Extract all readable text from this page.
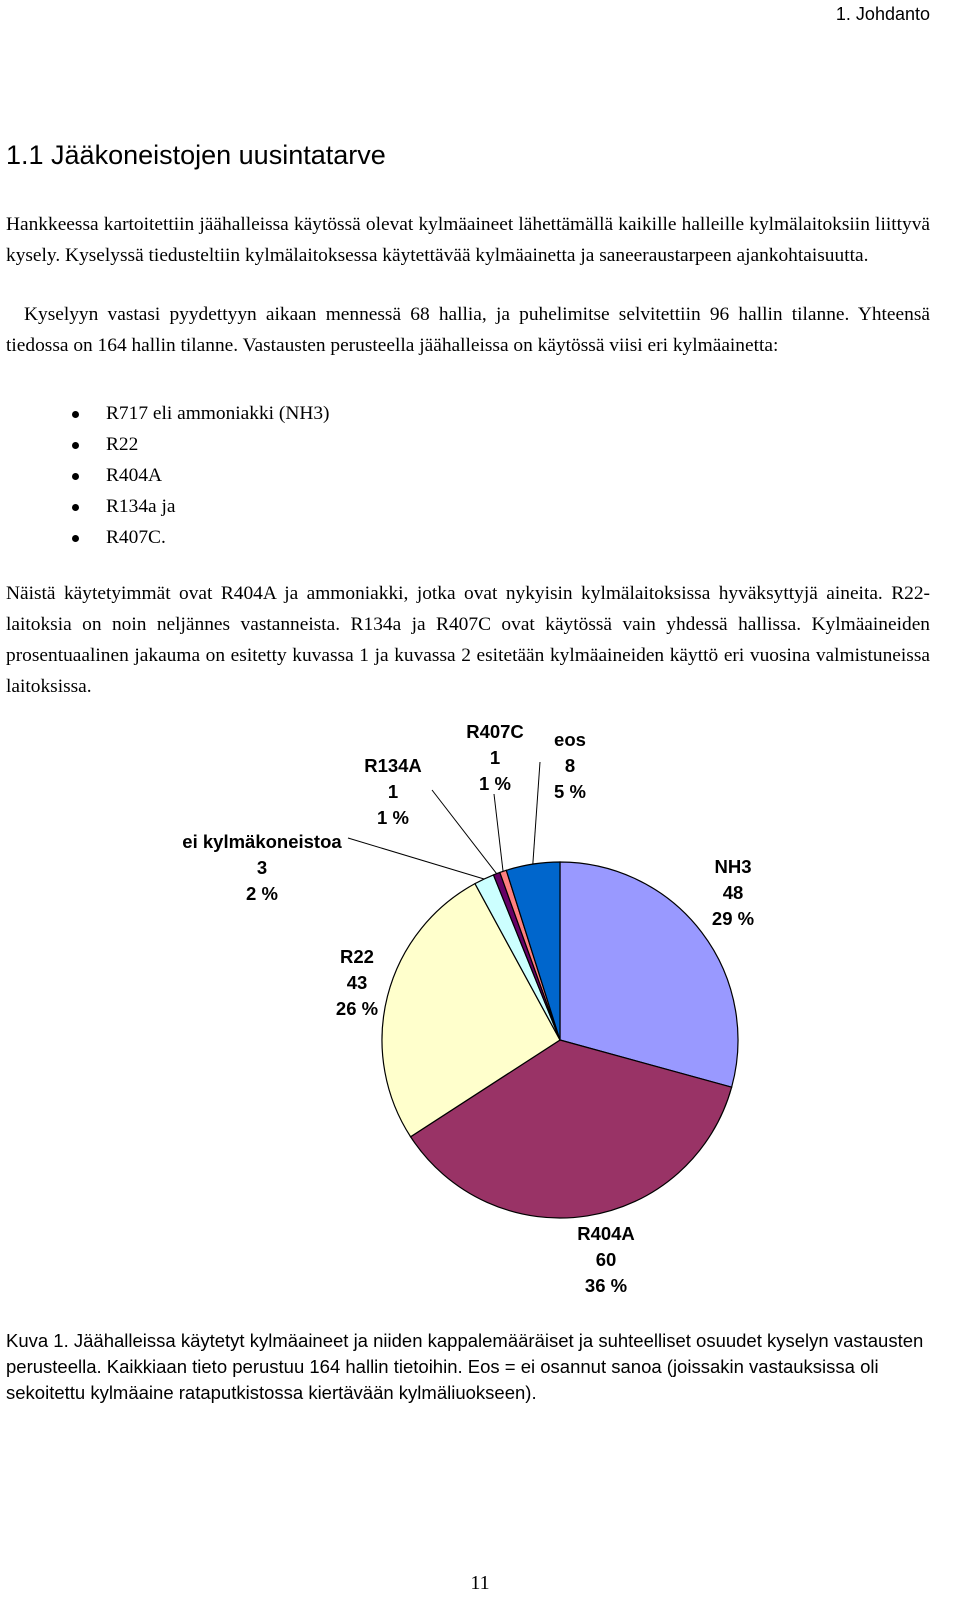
1. Johdanto
1.1 Jääkoneistojen uusintatarve

Hankkeessa kartoitettiin jäähalleissa käytössä olevat kylmäaineet lähettämällä kaikille halleille kylmälaitoksiin liittyvä kysely. Kyselyssä tiedusteltiin kylmälaitoksessa käytettävää kylmäainetta ja saneeraustarpeen ajankohtaisuutta.

Kyselyyn vastasi pyydettyyn aikaan mennessä 68 hallia, ja puhelimitse selvitettiin 96 hallin tilanne. Yhteensä tiedossa on 164 hallin tilanne. Vastausten perusteella jäähalleissa on käytössä viisi eri kylmäainetta:

R717 eli ammoniakki (NH3)
R22
R404A
R134a ja
R407C.

Näistä käytetyimmät ovat R404A ja ammoniakki, jotka ovat nykyisin kylmälaitoksissa hyväksyttyjä aineita. R22-laitoksia on noin neljännes vastanneista. R134a ja R407C ovat käytössä vain yhdessä hallissa. Kylmäaineiden prosentuaalinen jakauma on esitetty kuvassa 1 ja kuvassa 2 esitetään kylmäaineiden käyttö eri vuosina valmistuneissa laitoksissa.

NH3
48
29 %
R404A
60
36 %
R22
43
26 %
ei kylmäkoneistoa
3
2 %
R134A
1
1 %
R407C
1
1 %
eos
8
5 %

Kuva 1. Jäähalleissa käytetyt kylmäaineet ja niiden kappalemääräiset ja suhteelliset osuudet kyselyn vastausten perusteella. Kaikkiaan tieto perustuu 164 hallin tietoihin. Eos = ei osannut sanoa (joissakin vastauksissa oli sekoitettu kylmäaine rataputkistossa kiertävään kylmäliuokseen).

11
